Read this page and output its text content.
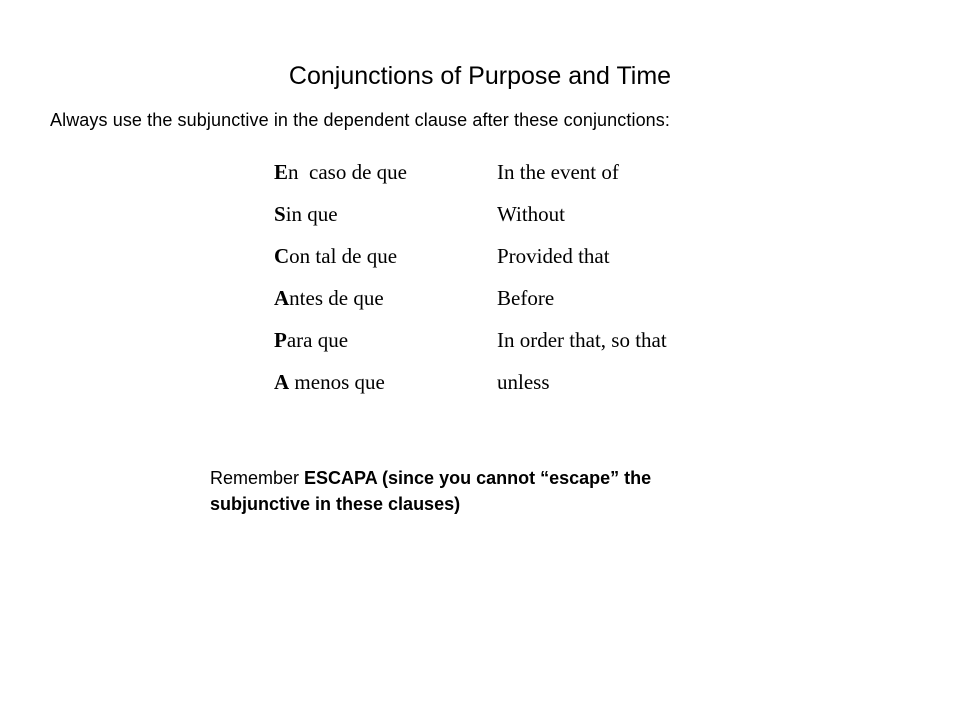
Conjunctions of Purpose and Time
Always use the subjunctive in the dependent clause after these conjunctions:
En  caso de que	In the event of
Sin que	Without
Con tal de que	Provided that
Antes de que	Before
Para que	In order that, so that
A menos que	unless
Remember ESCAPA (since you cannot “escape” the subjunctive in these clauses)
